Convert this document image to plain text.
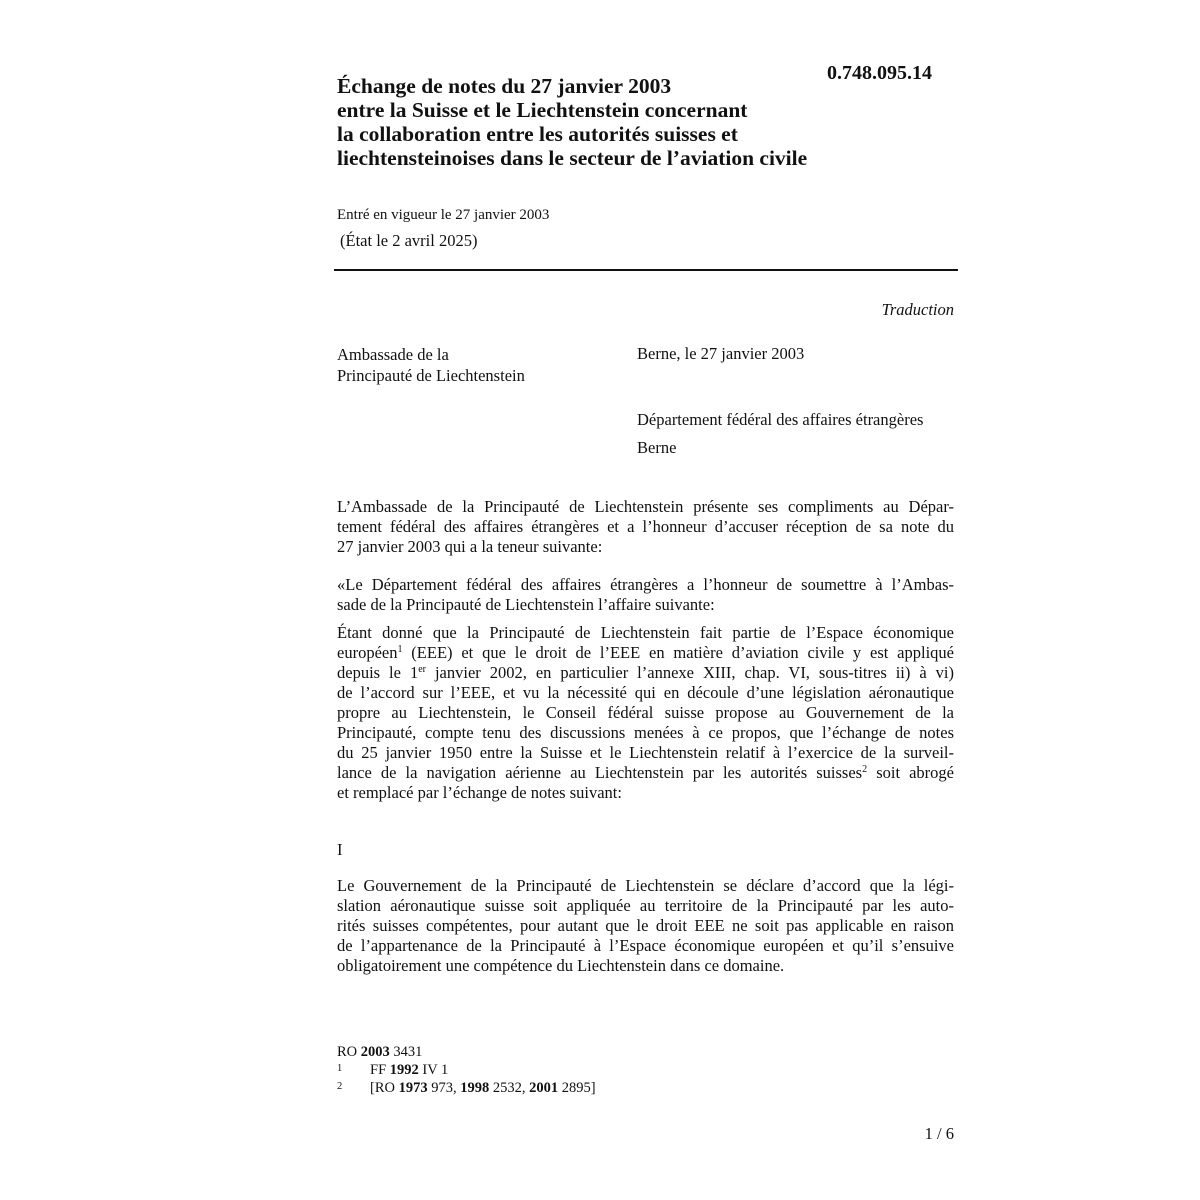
0.748.095.14
Échange de notes du 27 janvier 2003
entre la Suisse et le Liechtenstein concernant
la collaboration entre les autorités suisses et
liechtensteinoises dans le secteur de l’aviation civile
Entré en vigueur le 27 janvier 2003
(État le 2 avril 2025)
Traduction
Ambassade de la
Principauté de Liechtenstein
Berne, le 27 janvier 2003
Département fédéral des affaires étrangères
Berne

L’Ambassade de la Principauté de Liechtenstein présente ses compliments au Dépar-
tement fédéral des affaires étrangères et a l’honneur d’accuser réception de sa note du
27 janvier 2003 qui a la teneur suivante:

«Le Département fédéral des affaires étrangères a l’honneur de soumettre à l’Ambas-
sade de la Principauté de Liechtenstein l’affaire suivante:

Étant donné que la Principauté de Liechtenstein fait partie de l’Espace économique
européen$^1$ (EEE) et que le droit de l’EEE en matière d’aviation civile y est appliqué
depuis le 1er janvier 2002, en particulier l’annexe XIII, chap. VI, sous-titres ii) à vi)
de l’accord sur l’EEE, et vu la nécessité qui en découle d’une législation aéronautique
propre au Liechtenstein, le Conseil fédéral suisse propose au Gouvernement de la
Principauté, compte tenu des discussions menées à ce propos, que l’échange de notes
du 25 janvier 1950 entre la Suisse et le Liechtenstein relatif à l’exercice de la surveil-
lance de la navigation aérienne au Liechtenstein par les autorités suisses$^2$ soit abrogé
et remplacé par l’échange de notes suivant:

I

Le Gouvernement de la Principauté de Liechtenstein se déclare d’accord que la légi-
slation aéronautique suisse soit appliquée au territoire de la Principauté par les auto-
rités suisses compétentes, pour autant que le droit EEE ne soit pas applicable en raison
de l’appartenance de la Principauté à l’Espace économique européen et qu’il s’ensuive
obligatoirement une compétence du Liechtenstein dans ce domaine.

RO 2003 3431
1 FF 1992 IV 1
2 [RO 1973 973, 1998 2532, 2001 2895]
1 / 6
